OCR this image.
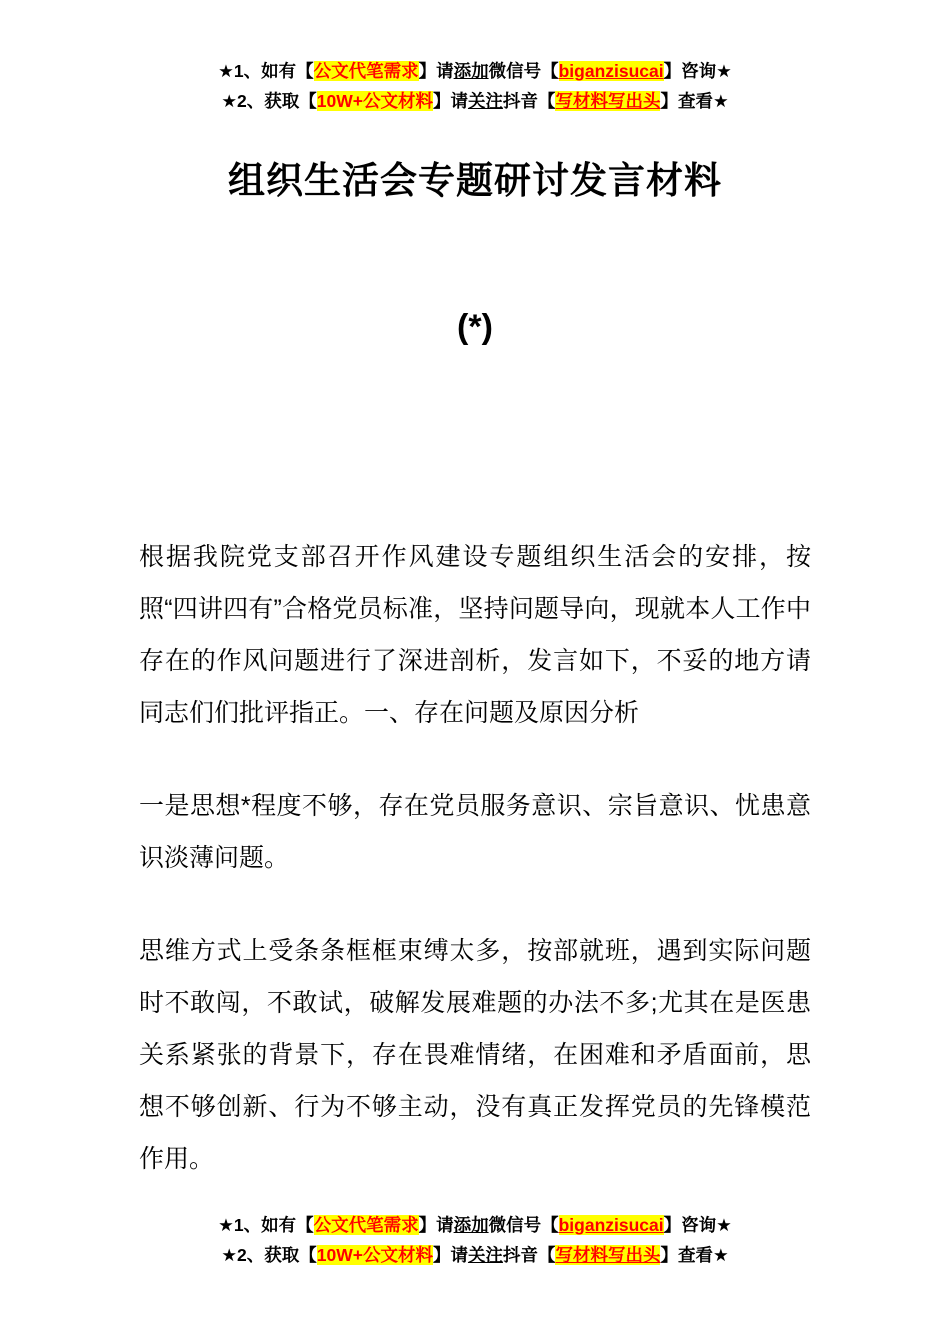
★1、如有【公文代笔需求】请添加微信号【biganzisucai】咨询★
★2、获取【10W+公文材料】请关注抖音【写材料写出头】查看★
组织生活会专题研讨发言材料
(*)

根据我院党支部召开作风建设专题组织生活会的安排，按照“四讲四有”合格党员标准，坚持问题导向，现就本人工作中存在的作风问题进行了深进剖析，发言如下，不妥的地方请同志们们批评指正。一、存在问题及原因分析

一是思想*程度不够，存在党员服务意识、宗旨意识、忧患意识淡薄问题。

思维方式上受条条框框束缚太多，按部就班，遇到实际问题时不敢闯，不敢试，破解发展难题的办法不多;尤其在是医患关系紧张的背景下，存在畏难情绪，在困难和矛盾面前，思想不够创新、行为不够主动，没有真正发挥党员的先锋模范作用。

★1、如有【公文代笔需求】请添加微信号【biganzisucai】咨询★
★2、获取【10W+公文材料】请关注抖音【写材料写出头】查看★
